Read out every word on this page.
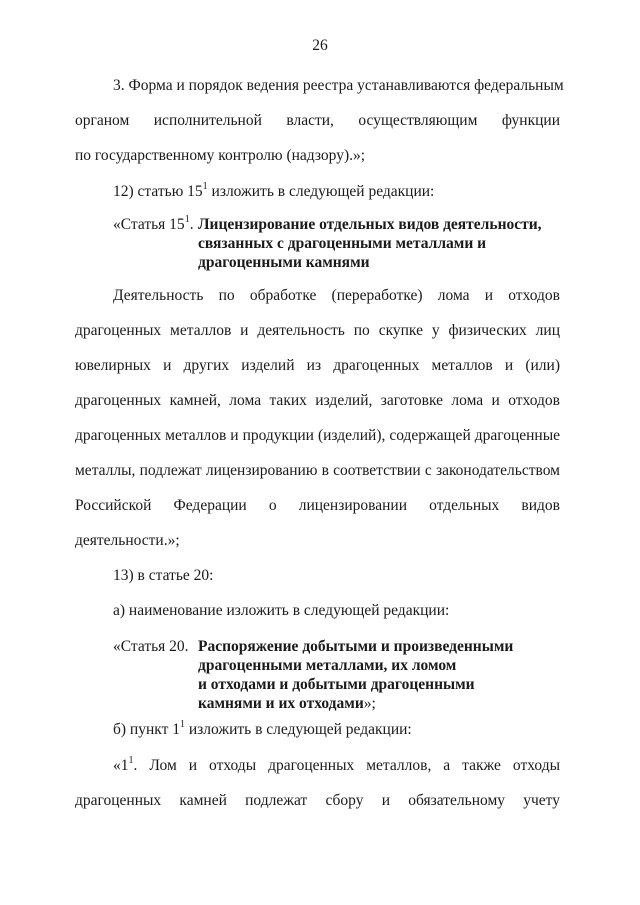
26
3. Форма и порядок ведения реестра устанавливаются федеральным
органом исполнительной власти, осуществляющим функции
по государственному контролю (надзору).»;
12) статью $15^1$ изложить в следующей редакции:
«Статья $15^1$. Лицензирование отдельных видов деятельности,
связанных с драгоценными металлами и
драгоценными камнями
Деятельность по обработке (переработке) лома и отходов
драгоценных металлов и деятельность по скупке у физических лиц
ювелирных и других изделий из драгоценных металлов и (или)
драгоценных камней, лома таких изделий, заготовке лома и отходов
драгоценных металлов и продукции (изделий), содержащей драгоценные
металлы, подлежат лицензированию в соответствии с законодательством
Российской Федерации о лицензировании отдельных видов
деятельности.»;
13) в статье 20:
а) наименование изложить в следующей редакции:
«Статья 20. Распоряжение добытыми и произведенными
драгоценными металлами, их ломом
и отходами и добытыми драгоценными
камнями и их отходами»;
б) пункт $1^1$ изложить в следующей редакции:
«$1^1$. Лом и отходы драгоценных металлов, а также отходы
драгоценных камней подлежат сбору и обязательному учету
